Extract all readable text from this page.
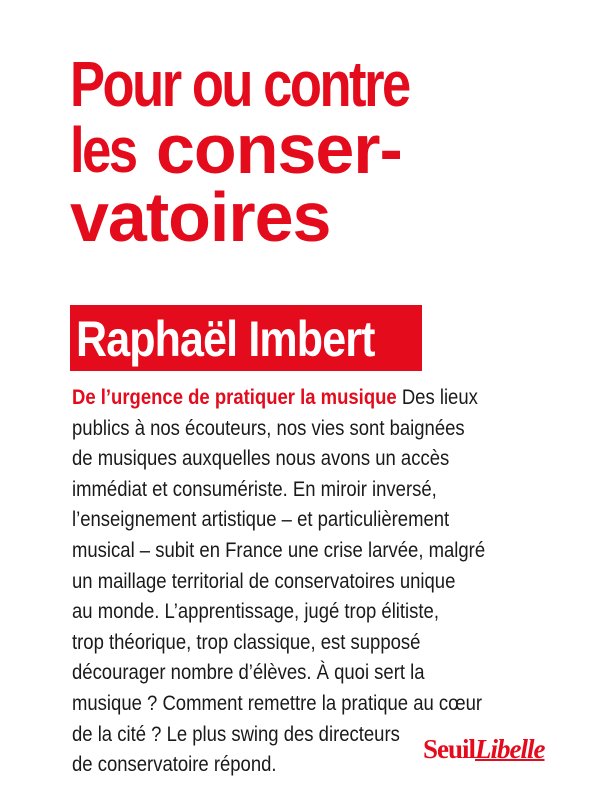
Pour ou contre
les conser-
vatoires
Raphaël Imbert
De l’urgence de pratiquer la musique Des lieux
publics à nos écouteurs, nos vies sont baignées
de musiques auxquelles nous avons un accès
immédiat et consumériste. En miroir inversé,
l’enseignement artistique – et particulièrement
musical – subit en France une crise larvée, malgré
un maillage territorial de conservatoires unique
au monde. L’apprentissage, jugé trop élitiste,
trop théorique, trop classique, est supposé
décourager nombre d’élèves. À quoi sert la
musique ? Comment remettre la pratique au cœur
de la cité ? Le plus swing des directeurs
de conservatoire répond.
SeuilLibelle
